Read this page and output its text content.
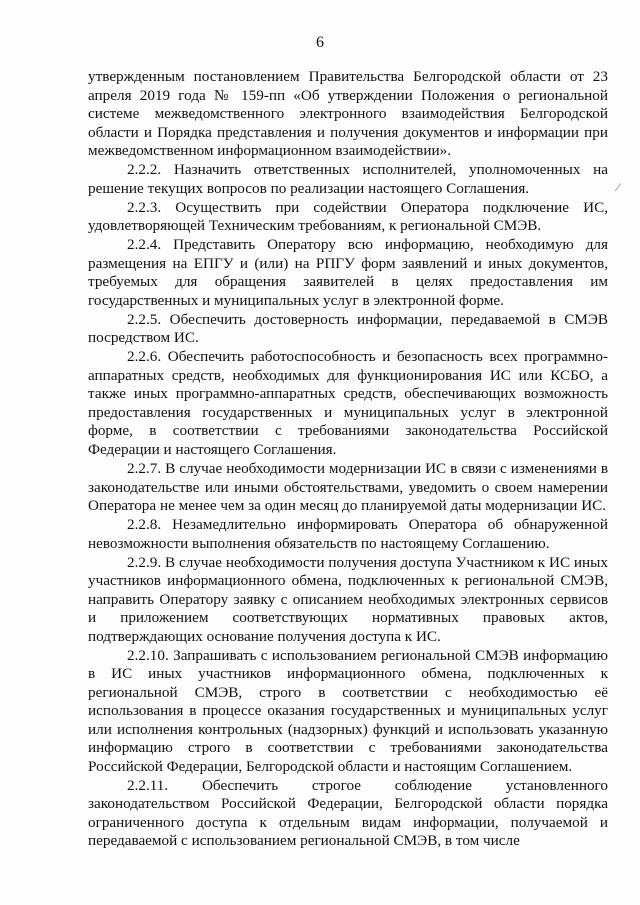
6

утвержденным постановлением Правительства Белгородской области от 23 апреля 2019 года № 159-пп «Об утверждении Положения о региональной системе межведомственного электронного взаимодействия Белгородской области и Порядка представления и получения документов и информации при межведомственном информационном взаимодействии».

2.2.2. Назначить ответственных исполнителей, уполномоченных на решение текущих вопросов по реализации настоящего Соглашения.

2.2.3. Осуществить при содействии Оператора подключение ИС, удовлетворяющей Техническим требованиям, к региональной СМЭВ.

2.2.4. Представить Оператору всю информацию, необходимую для размещения на ЕПГУ и (или) на РПГУ форм заявлений и иных документов, требуемых для обращения заявителей в целях предоставления им государственных и муниципальных услуг в электронной форме.

2.2.5. Обеспечить достоверность информации, передаваемой в СМЭВ посредством ИС.

2.2.6. Обеспечить работоспособность и безопасность всех программно-аппаратных средств, необходимых для функционирования ИС или КСБО, а также иных программно-аппаратных средств, обеспечивающих возможность предоставления государственных и муниципальных услуг в электронной форме, в соответствии с требованиями законодательства Российской Федерации и настоящего Соглашения.

2.2.7. В случае необходимости модернизации ИС в связи с изменениями в законодательстве или иными обстоятельствами, уведомить о своем намерении Оператора не менее чем за один месяц до планируемой даты модернизации ИС.

2.2.8. Незамедлительно информировать Оператора об обнаруженной невозможности выполнения обязательств по настоящему Соглашению.

2.2.9. В случае необходимости получения доступа Участником к ИС иных участников информационного обмена, подключенных к региональной СМЭВ, направить Оператору заявку с описанием необходимых электронных сервисов и приложением соответствующих нормативных правовых актов, подтверждающих основание получения доступа к ИС.

2.2.10. Запрашивать с использованием региональной СМЭВ информацию в ИС иных участников информационного обмена, подключенных к региональной СМЭВ, строго в соответствии с необходимостью её использования в процессе оказания государственных и муниципальных услуг или исполнения контрольных (надзорных) функций и использовать указанную информацию строго в соответствии с требованиями законодательства Российской Федерации, Белгородской области и настоящим Соглашением.

2.2.11. Обеспечить строгое соблюдение установленного законодательством Российской Федерации, Белгородской области порядка ограниченного доступа к отдельным видам информации, получаемой и передаваемой с использованием региональной СМЭВ, в том числе

⁄
